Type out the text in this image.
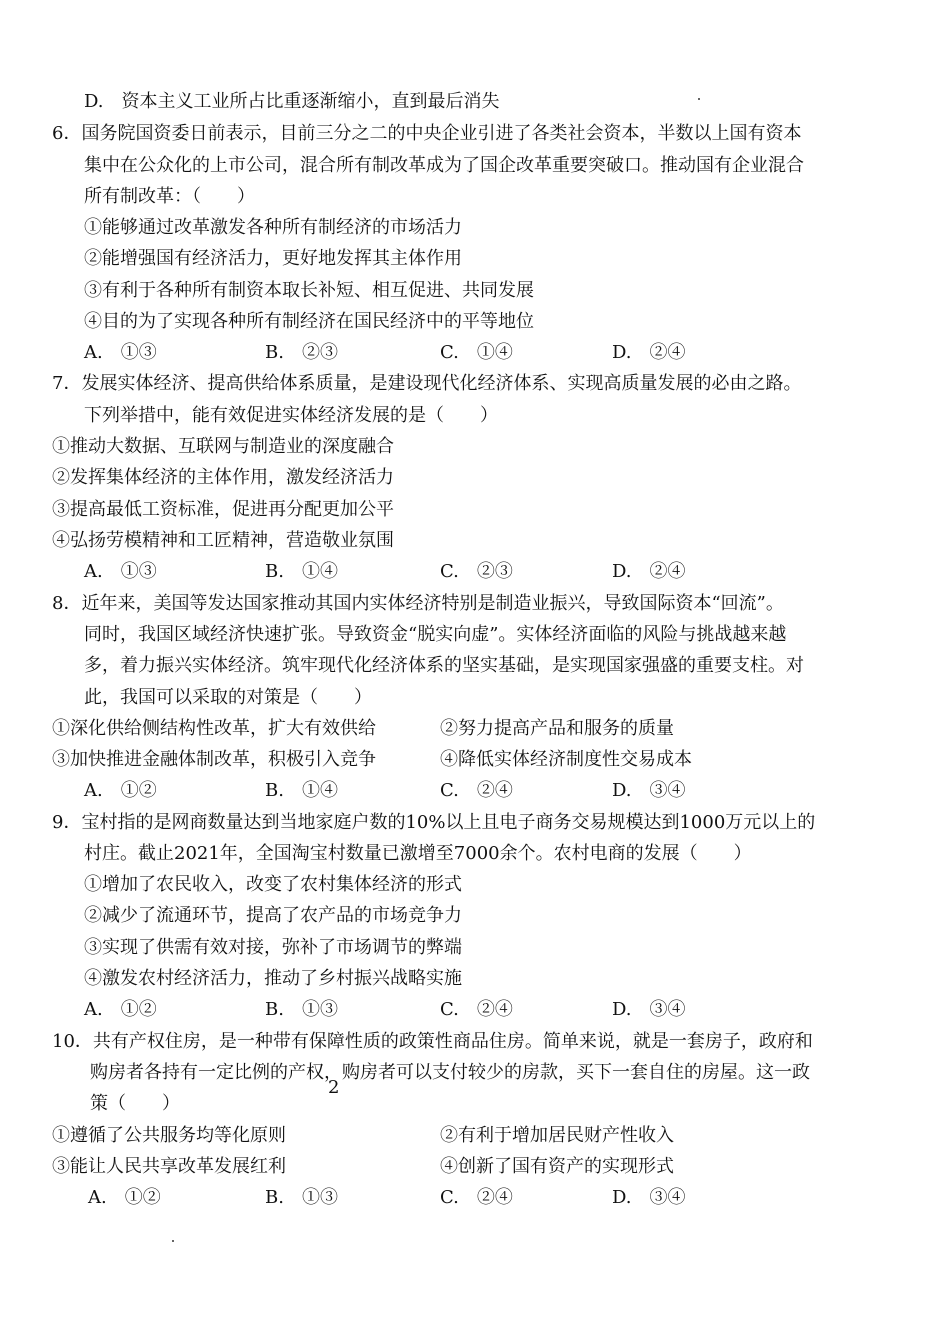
D.　资本主义工业所占比重逐渐缩小，直到最后消失
6．国务院国资委日前表示，目前三分之二的中央企业引进了各类社会资本，半数以上国有资本
集中在公众化的上市公司，混合所有制改革成为了国企改革重要突破口。推动国有企业混合
所有制改革：（　　）
①能够通过改革激发各种所有制经济的市场活力
②能增强国有经济活力，更好地发挥其主体作用
③有利于各种所有制资本取长补短、相互促进、共同发展
④目的为了实现各种所有制经济在国民经济中的平等地位
A.　①③	B.　②③	C.　①④	D.　②④
7．发展实体经济、提高供给体系质量，是建设现代化经济体系、实现高质量发展的必由之路。
下列举措中，能有效促进实体经济发展的是（　　）
①推动大数据、互联网与制造业的深度融合
②发挥集体经济的主体作用，激发经济活力
③提高最低工资标准，促进再分配更加公平
④弘扬劳模精神和工匠精神，营造敬业氛围
A.　①③	B.　①④	C.　②③	D.　②④
8．近年来，美国等发达国家推动其国内实体经济特别是制造业振兴，导致国际资本“回流”。
同时，我国区域经济快速扩张。导致资金“脱实向虚”。实体经济面临的风险与挑战越来越
多，着力振兴实体经济。筑牢现代化经济体系的坚实基础，是实现国家强盛的重要支柱。对
此，我国可以采取的对策是（　　）
①深化供给侧结构性改革，扩大有效供给	②努力提高产品和服务的质量
③加快推进金融体制改革，积极引入竞争	④降低实体经济制度性交易成本
A.　①②	B.　①④	C.　②④	D.　③④
9．宝村指的是网商数量达到当地家庭户数的10%以上且电子商务交易规模达到1000万元以上的
村庄。截止2021年，全国淘宝村数量已激增至7000余个。农村电商的发展（　　）
①增加了农民收入，改变了农村集体经济的形式
②减少了流通环节，提高了农产品的市场竞争力
③实现了供需有效对接，弥补了市场调节的弊端
④激发农村经济活力，推动了乡村振兴战略实施
A.　①②	B.　①③	C.　②④	D.　③④
10．共有产权住房，是一种带有保障性质的政策性商品住房。简单来说，就是一套房子，政府和
购房者各持有一定比例的产权，购房者可以支付较少的房款，买下一套自住的房屋。这一政
策（　　）
①遵循了公共服务均等化原则	②有利于增加居民财产性收入
③能让人民共享改革发展红利	④创新了国有资产的实现形式
A.　①②	B.　①③	C.　②④	D.　③④
2
